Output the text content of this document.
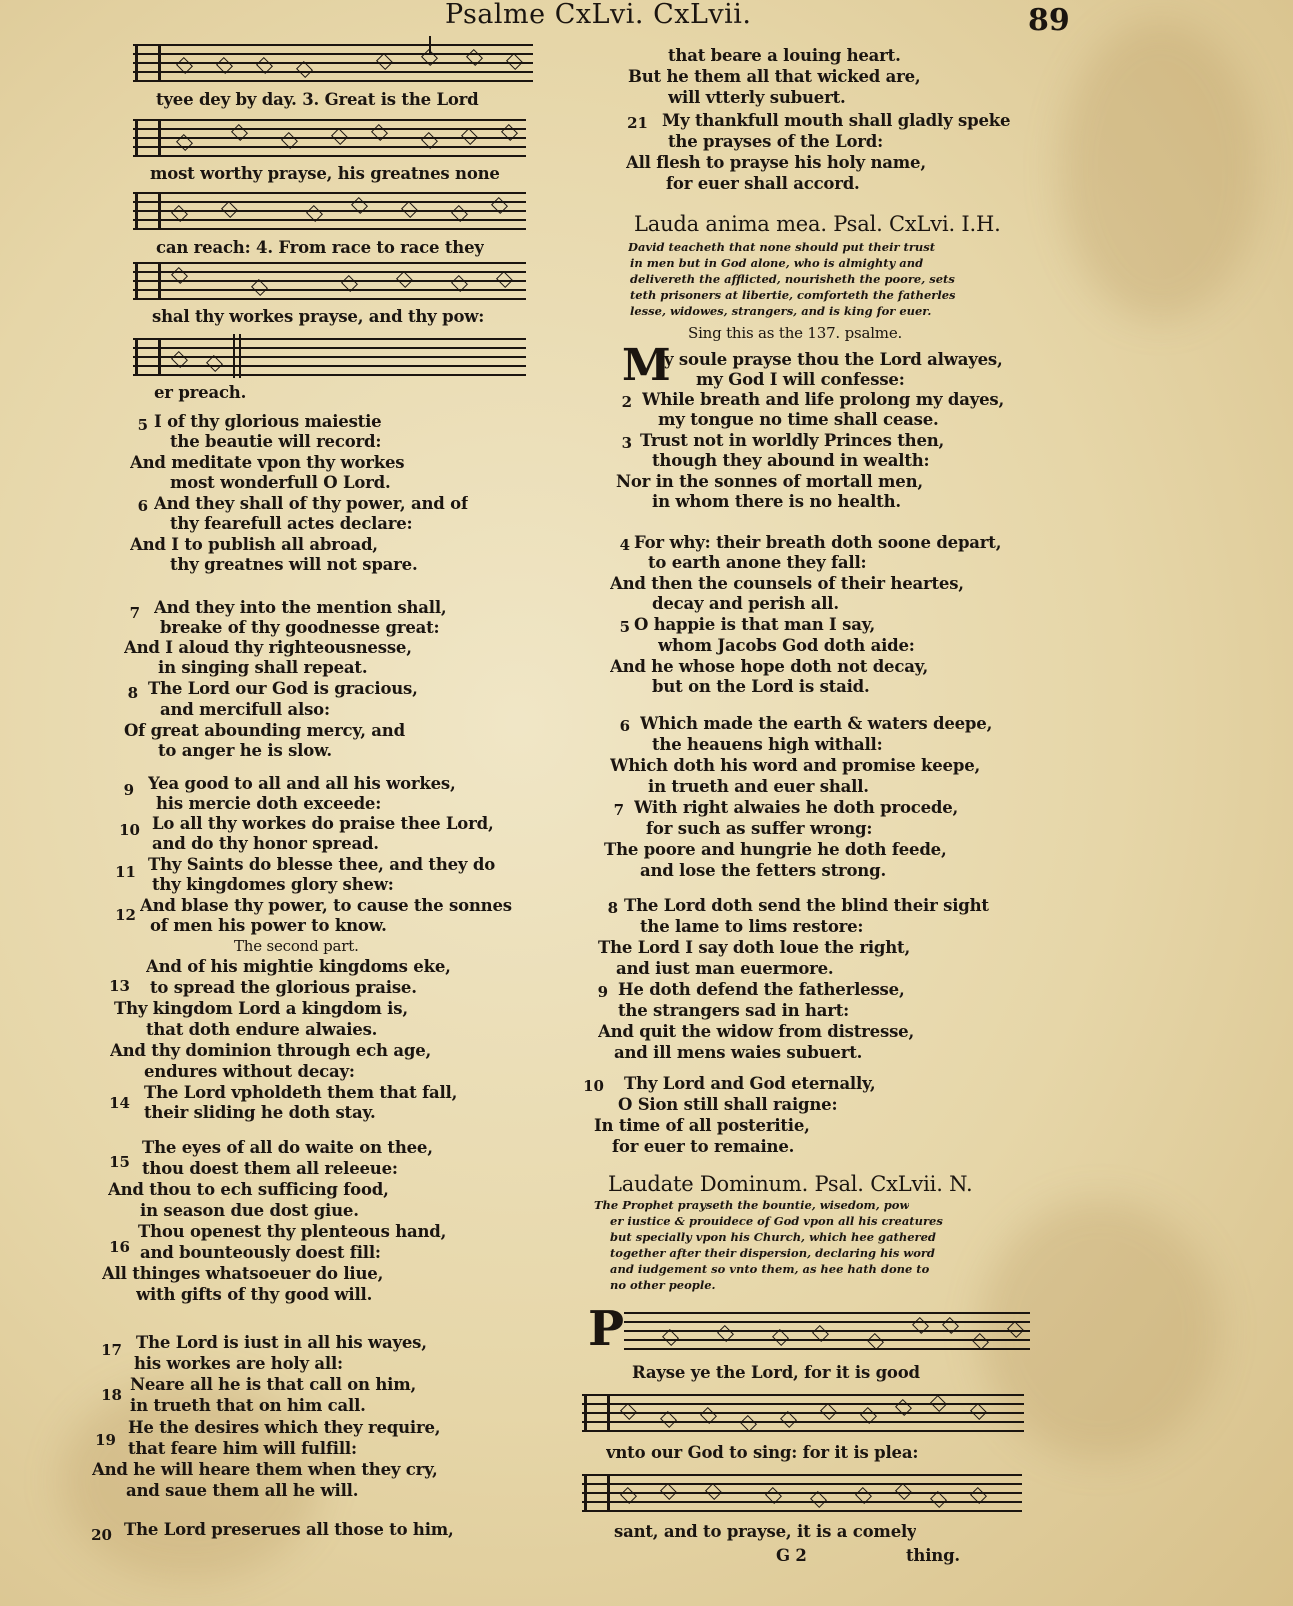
Psalme CxLvi. CxLvii.	89
tyee dey by day. 3. Great is the Lord
most worthy prayse, his greatnes none
can reach: 4. From race to race they
shal thy workes prayse, and thy pow:
er preach.
5 I of thy glorious maiestie
the beautie will record:
And meditate vpon thy workes
most wonderfull O Lord.
6 And they shall of thy power, and of
thy fearefull actes declare:
And I to publish all abroad,
thy greatnes will not spare.
7 And they into the mention shall,
breake of thy goodnesse great:
And I aloud thy righteousnesse,
in singing shall repeat.
8 The Lord our God is gracious,
and mercifull also:
Of great abounding mercy, and
to anger he is slow.
9 Yea good to all and all his workes,
his mercie doth exceede:
10 Lo all thy workes do praise thee Lord,
and do thy honor spread.
11 Thy Saints do blesse thee, and they do
thy kingdomes glory shew:
12 And blase thy power, to cause the sonnes
of men his power to know.
The second part.
13
And of his mightie kingdoms eke,
to spread the glorious praise.
Thy kingdom Lord a kingdom is,
that doth endure alwaies.
And thy dominion through ech age,
endures without decay:
14
The Lord vpholdeth them that fall,
their sliding he doth stay.
15
The eyes of all do waite on thee,
thou doest them all releeue:
And thou to ech sufficing food,
in season due dost giue.
16
Thou openest thy plenteous hand,
and bounteously doest fill:
All thinges whatsoeuer do liue,
with gifts of thy good will.
17 The Lord is iust in all his wayes,
his workes are holy all:
18
Neare all he is that call on him,
in trueth that on him call.
19
He the desires which they require,
that feare him will fulfill:
And he will heare them when they cry,
and saue them all he will.
20 The Lord preserues all those to him,
that beare a louing heart.
But he them all that wicked are,
will vtterly subuert.
21 My thankfull mouth shall gladly speke
the prayses of the Lord:
All flesh to prayse his holy name,
for euer shall accord.
Lauda anima mea. Psal. CxLvi. I.H.
David teacheth that none should put their trust
in men but in God alone, who is almighty and
delivereth the afflicted, nourisheth the poore, sets
teth prisoners at libertie, comforteth the fatherles
lesse, widowes, strangers, and is king for euer.
Sing this as the 137. psalme.
M
y soule prayse thou the Lord alwayes,
my God I will confesse:
2 While breath and life prolong my dayes,
my tongue no time shall cease.
3 Trust not in worldly Princes then,
though they abound in wealth:
Nor in the sonnes of mortall men,
in whom there is no health.
4 For why: their breath doth soone depart,
to earth anone they fall:
And then the counsels of their heartes,
decay and perish all.
5 O happie is that man I say,
whom Jacobs God doth aide:
And he whose hope doth not decay,
but on the Lord is staid.
6 Which made the earth & waters deepe,
the heauens high withall:
Which doth his word and promise keepe,
in trueth and euer shall.
7 With right alwaies he doth procede,
for such as suffer wrong:
The poore and hungrie he doth feede,
and lose the fetters strong.
8 The Lord doth send the blind their sight
the lame to lims restore:
The Lord I say doth loue the right,
and iust man euermore.
9 He doth defend the fatherlesse,
the strangers sad in hart:
And quit the widow from distresse,
and ill mens waies subuert.
10 Thy Lord and God eternally,
O Sion still shall raigne:
In time of all posteritie,
for euer to remaine.
Laudate Dominum. Psal. CxLvii. N.
The Prophet prayseth the bountie, wisedom, pow
er iustice & prouidece of God vpon all his creatures
but specially vpon his Church, which hee gathered
together after their dispersion, declaring his word
and iudgement so vnto them, as hee hath done to
no other people.
P
Rayse ye the Lord, for it is good
vnto our God to sing: for it is plea:
sant, and to prayse, it is a comely
G 2	thing.
